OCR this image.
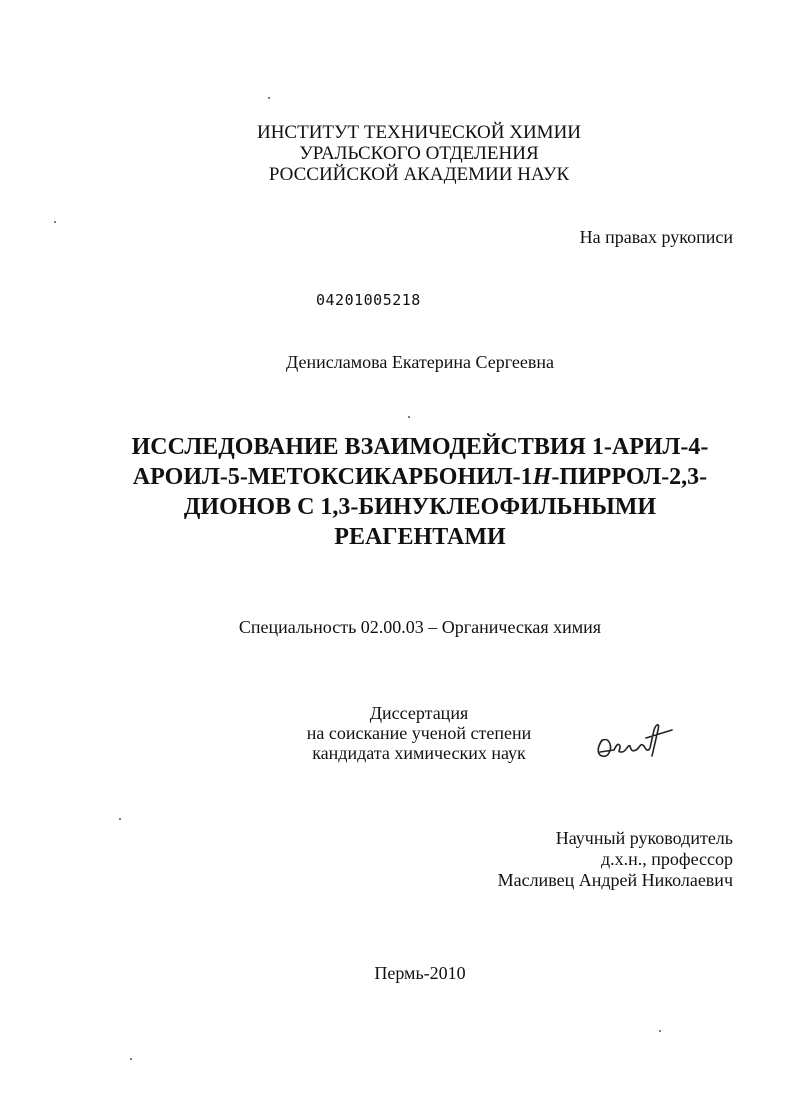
ИНСТИТУТ ТЕХНИЧЕСКОЙ ХИМИИ
УРАЛЬСКОГО ОТДЕЛЕНИЯ
РОССИЙСКОЙ АКАДЕМИИ НАУК
На правах рукописи
04201005218
Денисламова Екатерина Сергеевна
ИССЛЕДОВАНИЕ ВЗАИМОДЕЙСТВИЯ 1-АРИЛ-4-
АРОИЛ-5-МЕТОКСИКАРБОНИЛ-1Н-ПИРРОЛ-2,3-
ДИОНОВ С 1,3-БИНУКЛЕОФИЛЬНЫМИ
РЕАГЕНТАМИ
Специальность 02.00.03 – Органическая химия
Диссертация
на соискание ученой степени
кандидата химических наук
Научный руководитель
д.х.н., профессор
Масливец Андрей Николаевич
Пермь-2010
